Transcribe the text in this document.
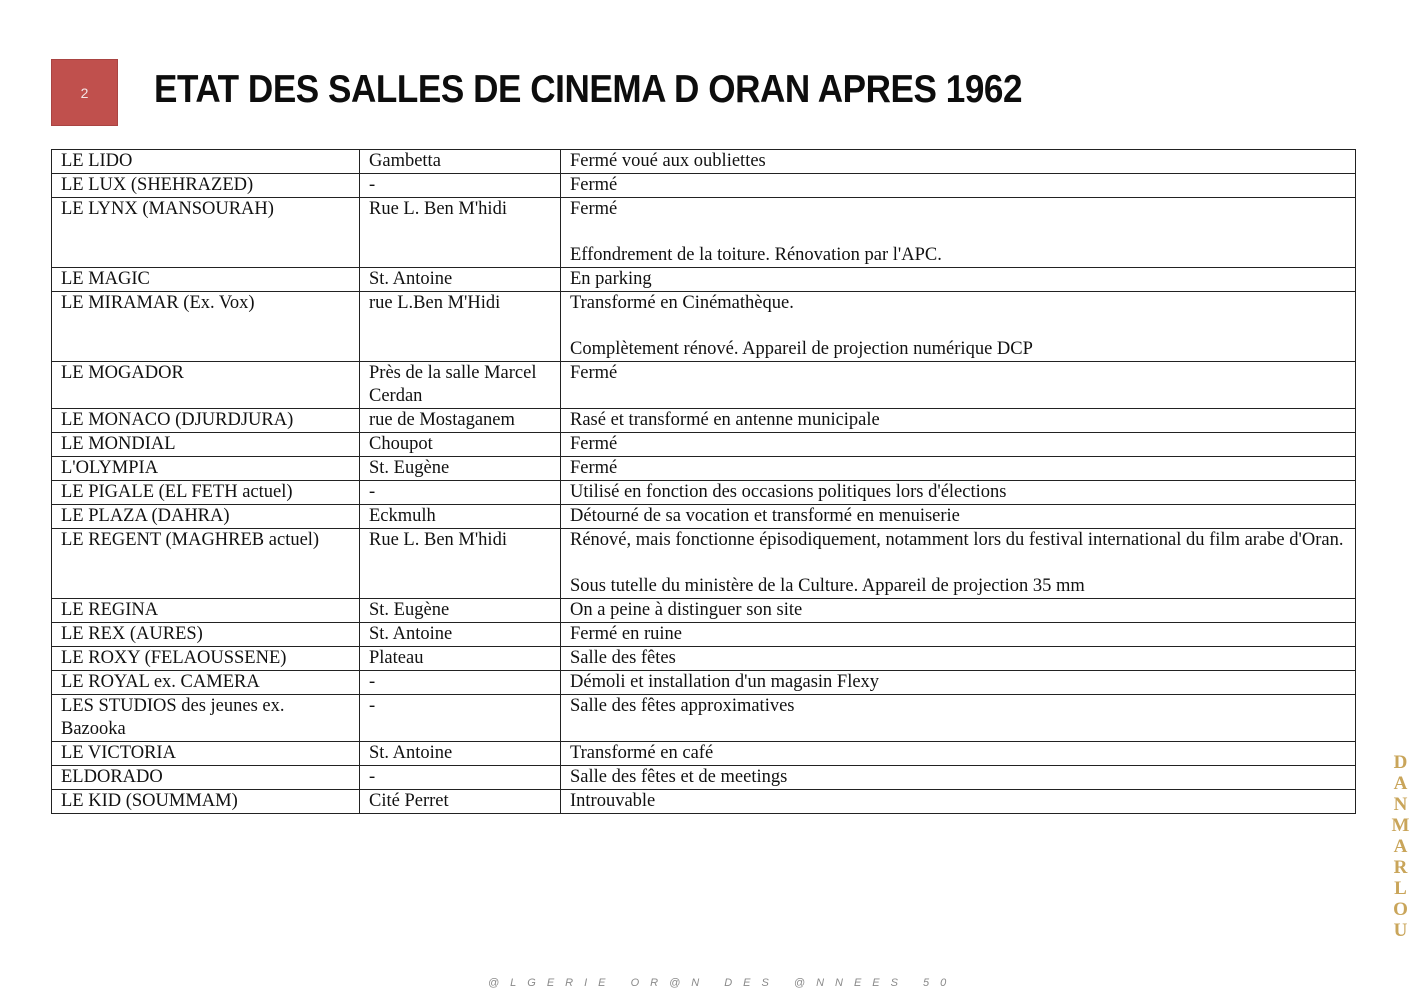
2 ETAT DES SALLES DE CINEMA D ORAN APRES 1962
LE LIDO	Gambetta	Fermé voué aux oubliettes

LE LUX (SHEHRAZED)	-	Fermé

LE LYNX (MANSOURAH)	Rue L. Ben M'hidi	Fermé
Effondrement de la toiture. Rénovation par l'APC.

LE MAGIC	St. Antoine	En parking

LE MIRAMAR (Ex. Vox)	rue L.Ben M'Hidi	Transformé en Cinémathèque.
Complètement rénové. Appareil de projection numérique DCP

LE MOGADOR	Près de la salle Marcel Cerdan	Fermé

LE MONACO (DJURDJURA)	rue de Mostaganem	Rasé et transformé en antenne municipale

LE MONDIAL	Choupot	Fermé

L'OLYMPIA	St. Eugène	Fermé

LE PIGALE (EL FETH actuel)	-	Utilisé en fonction des occasions politiques lors d'élections

LE PLAZA (DAHRA)	Eckmulh	Détourné de sa vocation et transformé en menuiserie

LE REGENT (MAGHREB actuel)	Rue L. Ben M'hidi	Rénové, mais fonctionne épisodiquement, notamment lors du festival international du film arabe d'Oran.
Sous tutelle du ministère de la Culture. Appareil de projection 35 mm

LE REGINA	St. Eugène	On a peine à distinguer son site

LE REX (AURES)	St. Antoine	Fermé en ruine

LE ROXY (FELAOUSSENE)	Plateau	Salle des fêtes

LE ROYAL ex. CAMERA	-	Démoli et installation d'un magasin Flexy

LES STUDIOS des jeunes ex. Bazooka	-	Salle des fêtes approximatives

LE VICTORIA	St. Antoine	Transformé en café

ELDORADO	-	Salle des fêtes et de meetings

LE KID (SOUMMAM)	Cité Perret	Introuvable	DANMARLOU

@LGERIE OR@N DES @NNEES 50
